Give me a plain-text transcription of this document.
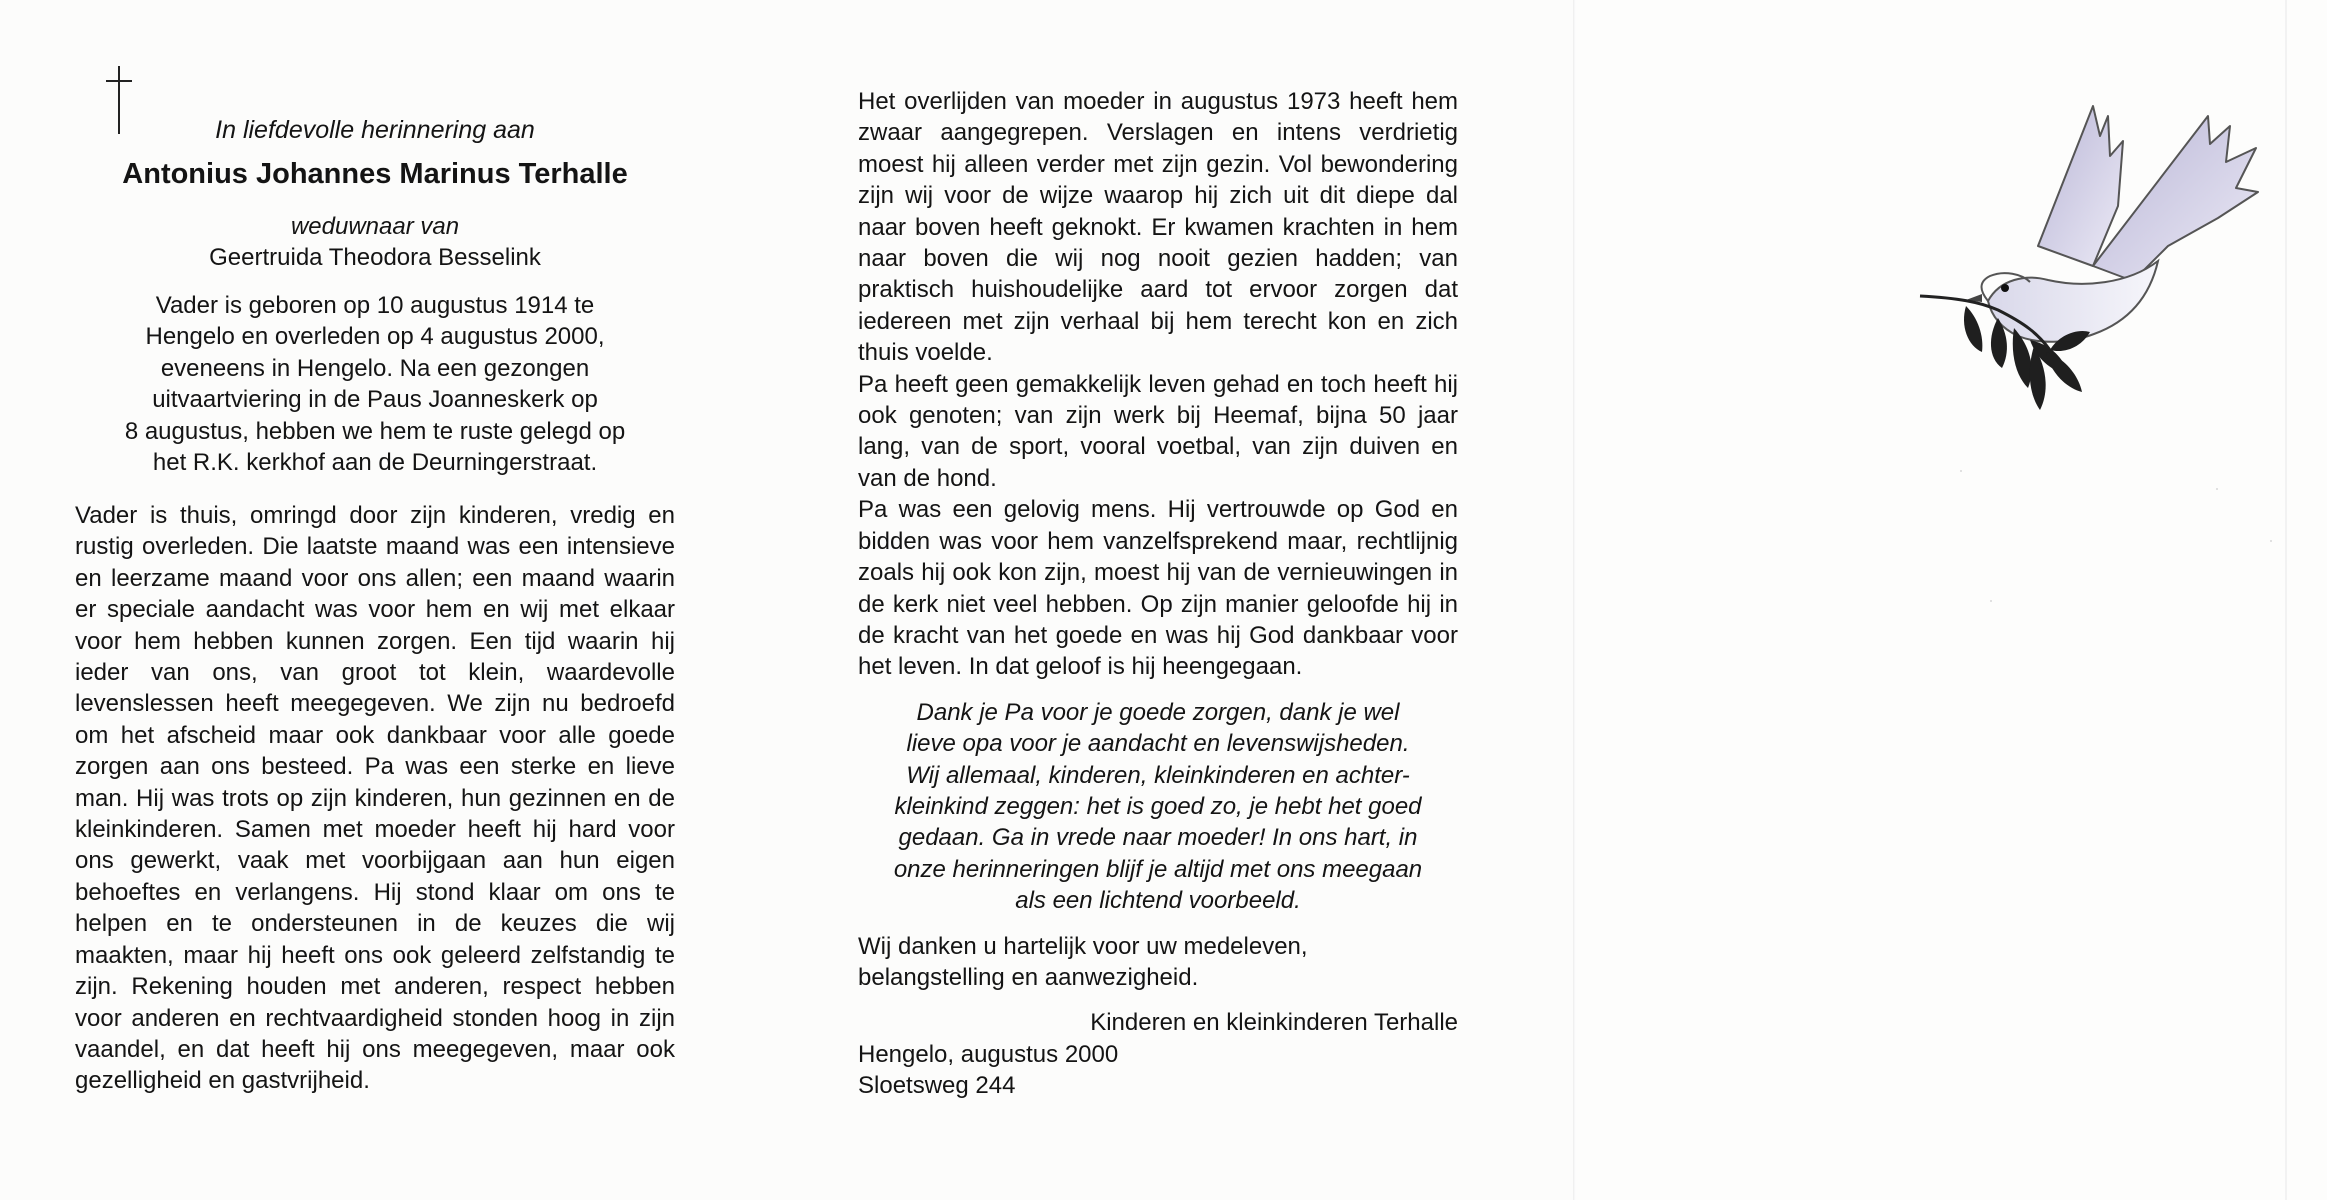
In liefdevolle herinnering aan
Antonius Johannes Marinus Terhalle
weduwnaar van
Geertruida Theodora Besselink
Vader is geboren op 10 augustus 1914 te
Hengelo en overleden op 4 augustus 2000,
eveneens in Hengelo. Na een gezongen
uitvaartviering in de Paus Joanneskerk op
8 augustus, hebben we hem te ruste gelegd op
het R.K. kerkhof aan de Deurningerstraat.
Vader is thuis, omringd door zijn kinderen, vredig en rustig overleden. Die laatste maand was een intensieve en leerzame maand voor ons allen; een maand waarin er speciale aandacht was voor hem en wij met elkaar voor hem hebben kunnen zorgen. Een tijd waarin hij ieder van ons, van groot tot klein, waardevolle levenslessen heeft meegegeven. We zijn nu bedroefd om het afscheid maar ook dankbaar voor alle goede zorgen aan ons besteed. Pa was een sterke en lieve man. Hij was trots op zijn kinderen, hun gezinnen en de kleinkinderen. Samen met moeder heeft hij hard voor ons gewerkt, vaak met voorbijgaan aan hun eigen behoeftes en verlangens. Hij stond klaar om ons te helpen en te ondersteunen in de keuzes die wij maakten, maar hij heeft ons ook geleerd zelfstandig te zijn. Rekening houden met anderen, respect hebben voor anderen en rechtvaardigheid stonden hoog in zijn vaandel, en dat heeft hij ons meegegeven, maar ook gezelligheid en gastvrijheid.

Het overlijden van moeder in augustus 1973 heeft hem zwaar aangegrepen. Verslagen en intens verdrietig moest hij alleen verder met zijn gezin. Vol bewondering zijn wij voor de wijze waarop hij zich uit dit diepe dal naar boven heeft geknokt. Er kwamen krachten in hem naar boven die wij nog nooit gezien hadden; van praktisch huishoudelijke aard tot ervoor zorgen dat iedereen met zijn verhaal bij hem terecht kon en zich thuis voelde.

Pa heeft geen gemakkelijk leven gehad en toch heeft hij ook genoten; van zijn werk bij Heemaf, bijna 50 jaar lang, van de sport, vooral voetbal, van zijn duiven en van de hond.

Pa was een gelovig mens. Hij vertrouwde op God en bidden was voor hem vanzelfsprekend maar, rechtlijnig zoals hij ook kon zijn, moest hij van de vernieuwingen in de kerk niet veel hebben. Op zijn manier geloofde hij in de kracht van het goede en was hij God dankbaar voor het leven. In dat geloof is hij heengegaan.

Dank je Pa voor je goede zorgen, dank je wel
lieve opa voor je aandacht en levenswijsheden.
Wij allemaal, kinderen, kleinkinderen en achter-
kleinkind zeggen: het is goed zo, je hebt het goed
gedaan. Ga in vrede naar moeder! In ons hart, in
onze herinneringen blijf je altijd met ons meegaan
als een lichtend voorbeeld.

Wij danken u hartelijk voor uw medeleven, belangstelling en aanwezigheid.

Kinderen en kleinkinderen Terhalle
Hengelo, augustus 2000
Sloetsweg 244
